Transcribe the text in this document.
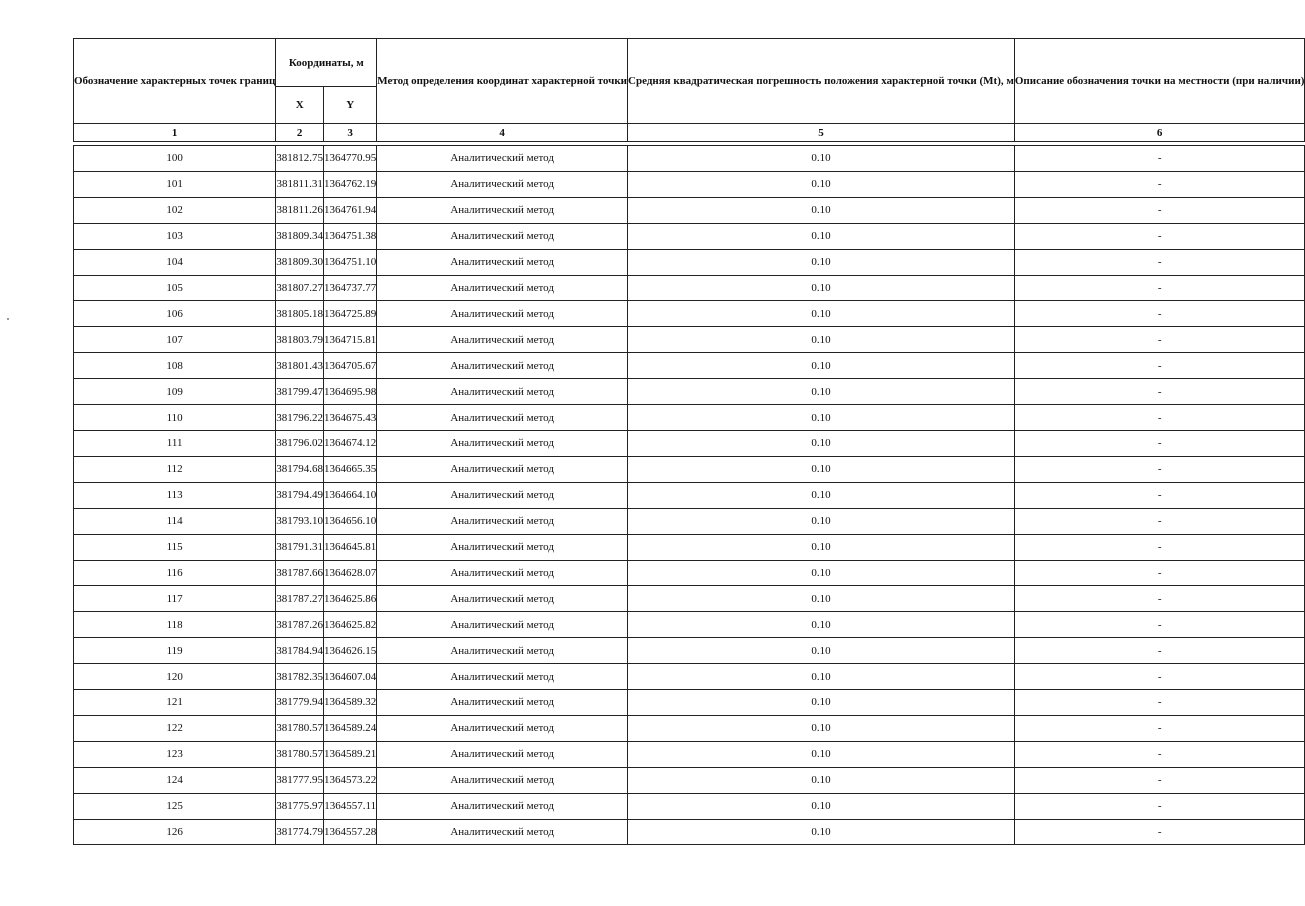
Обозначение характерных точек границ	Координаты, м		Метод определения координат характерной точки	Средняя квадратическая погрешность положения характерной точки (Mt), м	Описание обозначения точки на местности (при наличии)
	X	Y			
1	2	3	4	5	6

100	381812.75	1364770.95	Аналитический метод	0.10	-
101	381811.31	1364762.19	Аналитический метод	0.10	-
102	381811.26	1364761.94	Аналитический метод	0.10	-
103	381809.34	1364751.38	Аналитический метод	0.10	-
104	381809.30	1364751.10	Аналитический метод	0.10	-
105	381807.27	1364737.77	Аналитический метод	0.10	-
106	381805.18	1364725.89	Аналитический метод	0.10	-
107	381803.79	1364715.81	Аналитический метод	0.10	-
108	381801.43	1364705.67	Аналитический метод	0.10	-
109	381799.47	1364695.98	Аналитический метод	0.10	-
110	381796.22	1364675.43	Аналитический метод	0.10	-
111	381796.02	1364674.12	Аналитический метод	0.10	-
112	381794.68	1364665.35	Аналитический метод	0.10	-
113	381794.49	1364664.10	Аналитический метод	0.10	-
114	381793.10	1364656.10	Аналитический метод	0.10	-
115	381791.31	1364645.81	Аналитический метод	0.10	-
116	381787.66	1364628.07	Аналитический метод	0.10	-
117	381787.27	1364625.86	Аналитический метод	0.10	-
118	381787.26	1364625.82	Аналитический метод	0.10	-
119	381784.94	1364626.15	Аналитический метод	0.10	-
120	381782.35	1364607.04	Аналитический метод	0.10	-
121	381779.94	1364589.32	Аналитический метод	0.10	-
122	381780.57	1364589.24	Аналитический метод	0.10	-
123	381780.57	1364589.21	Аналитический метод	0.10	-
124	381777.95	1364573.22	Аналитический метод	0.10	-
125	381775.97	1364557.11	Аналитический метод	0.10	-
126	381774.79	1364557.28	Аналитический метод	0.10	-
